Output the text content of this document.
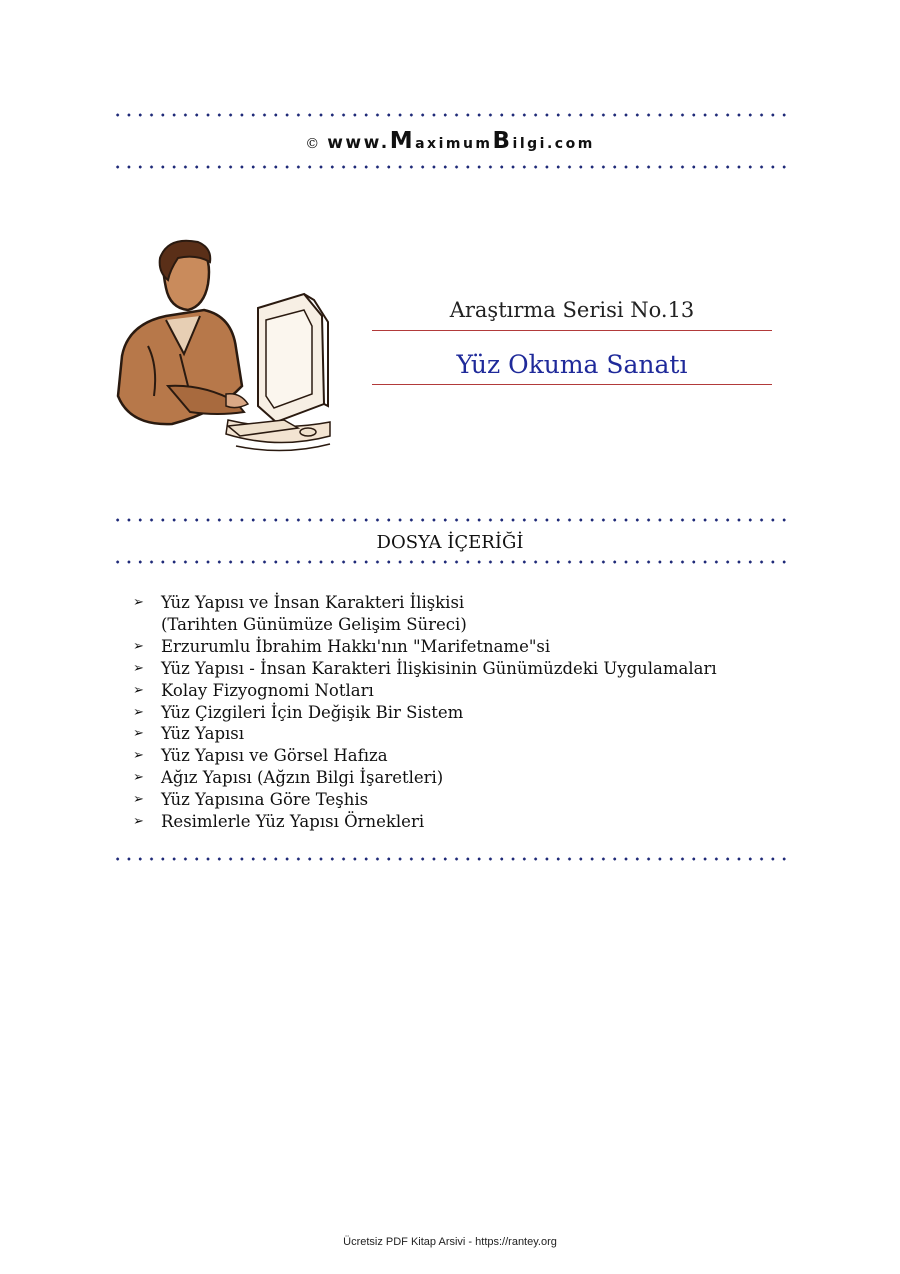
© www.MaximumBilgi.com
Araştırma Serisi No.13
Yüz Okuma Sanatı
DOSYA İÇERİĞİ
➢	Yüz Yapısı ve İnsan Karakteri İlişkisi
(Tarihten Günümüze Gelişim Süreci)
➢	Erzurumlu İbrahim Hakkı'nın "Marifetname"si
➢	Yüz Yapısı - İnsan Karakteri İlişkisinin Günümüzdeki Uygulamaları
➢	Kolay Fizyognomi Notları
➢	Yüz Çizgileri İçin Değişik Bir Sistem
➢	Yüz Yapısı
➢	Yüz Yapısı ve Görsel Hafıza
➢	Ağız Yapısı (Ağzın Bilgi İşaretleri)
➢	Yüz Yapısına Göre Teşhis
➢	Resimlerle Yüz Yapısı Örnekleri
Ücretsiz PDF Kitap Arsivi - https://rantey.org
